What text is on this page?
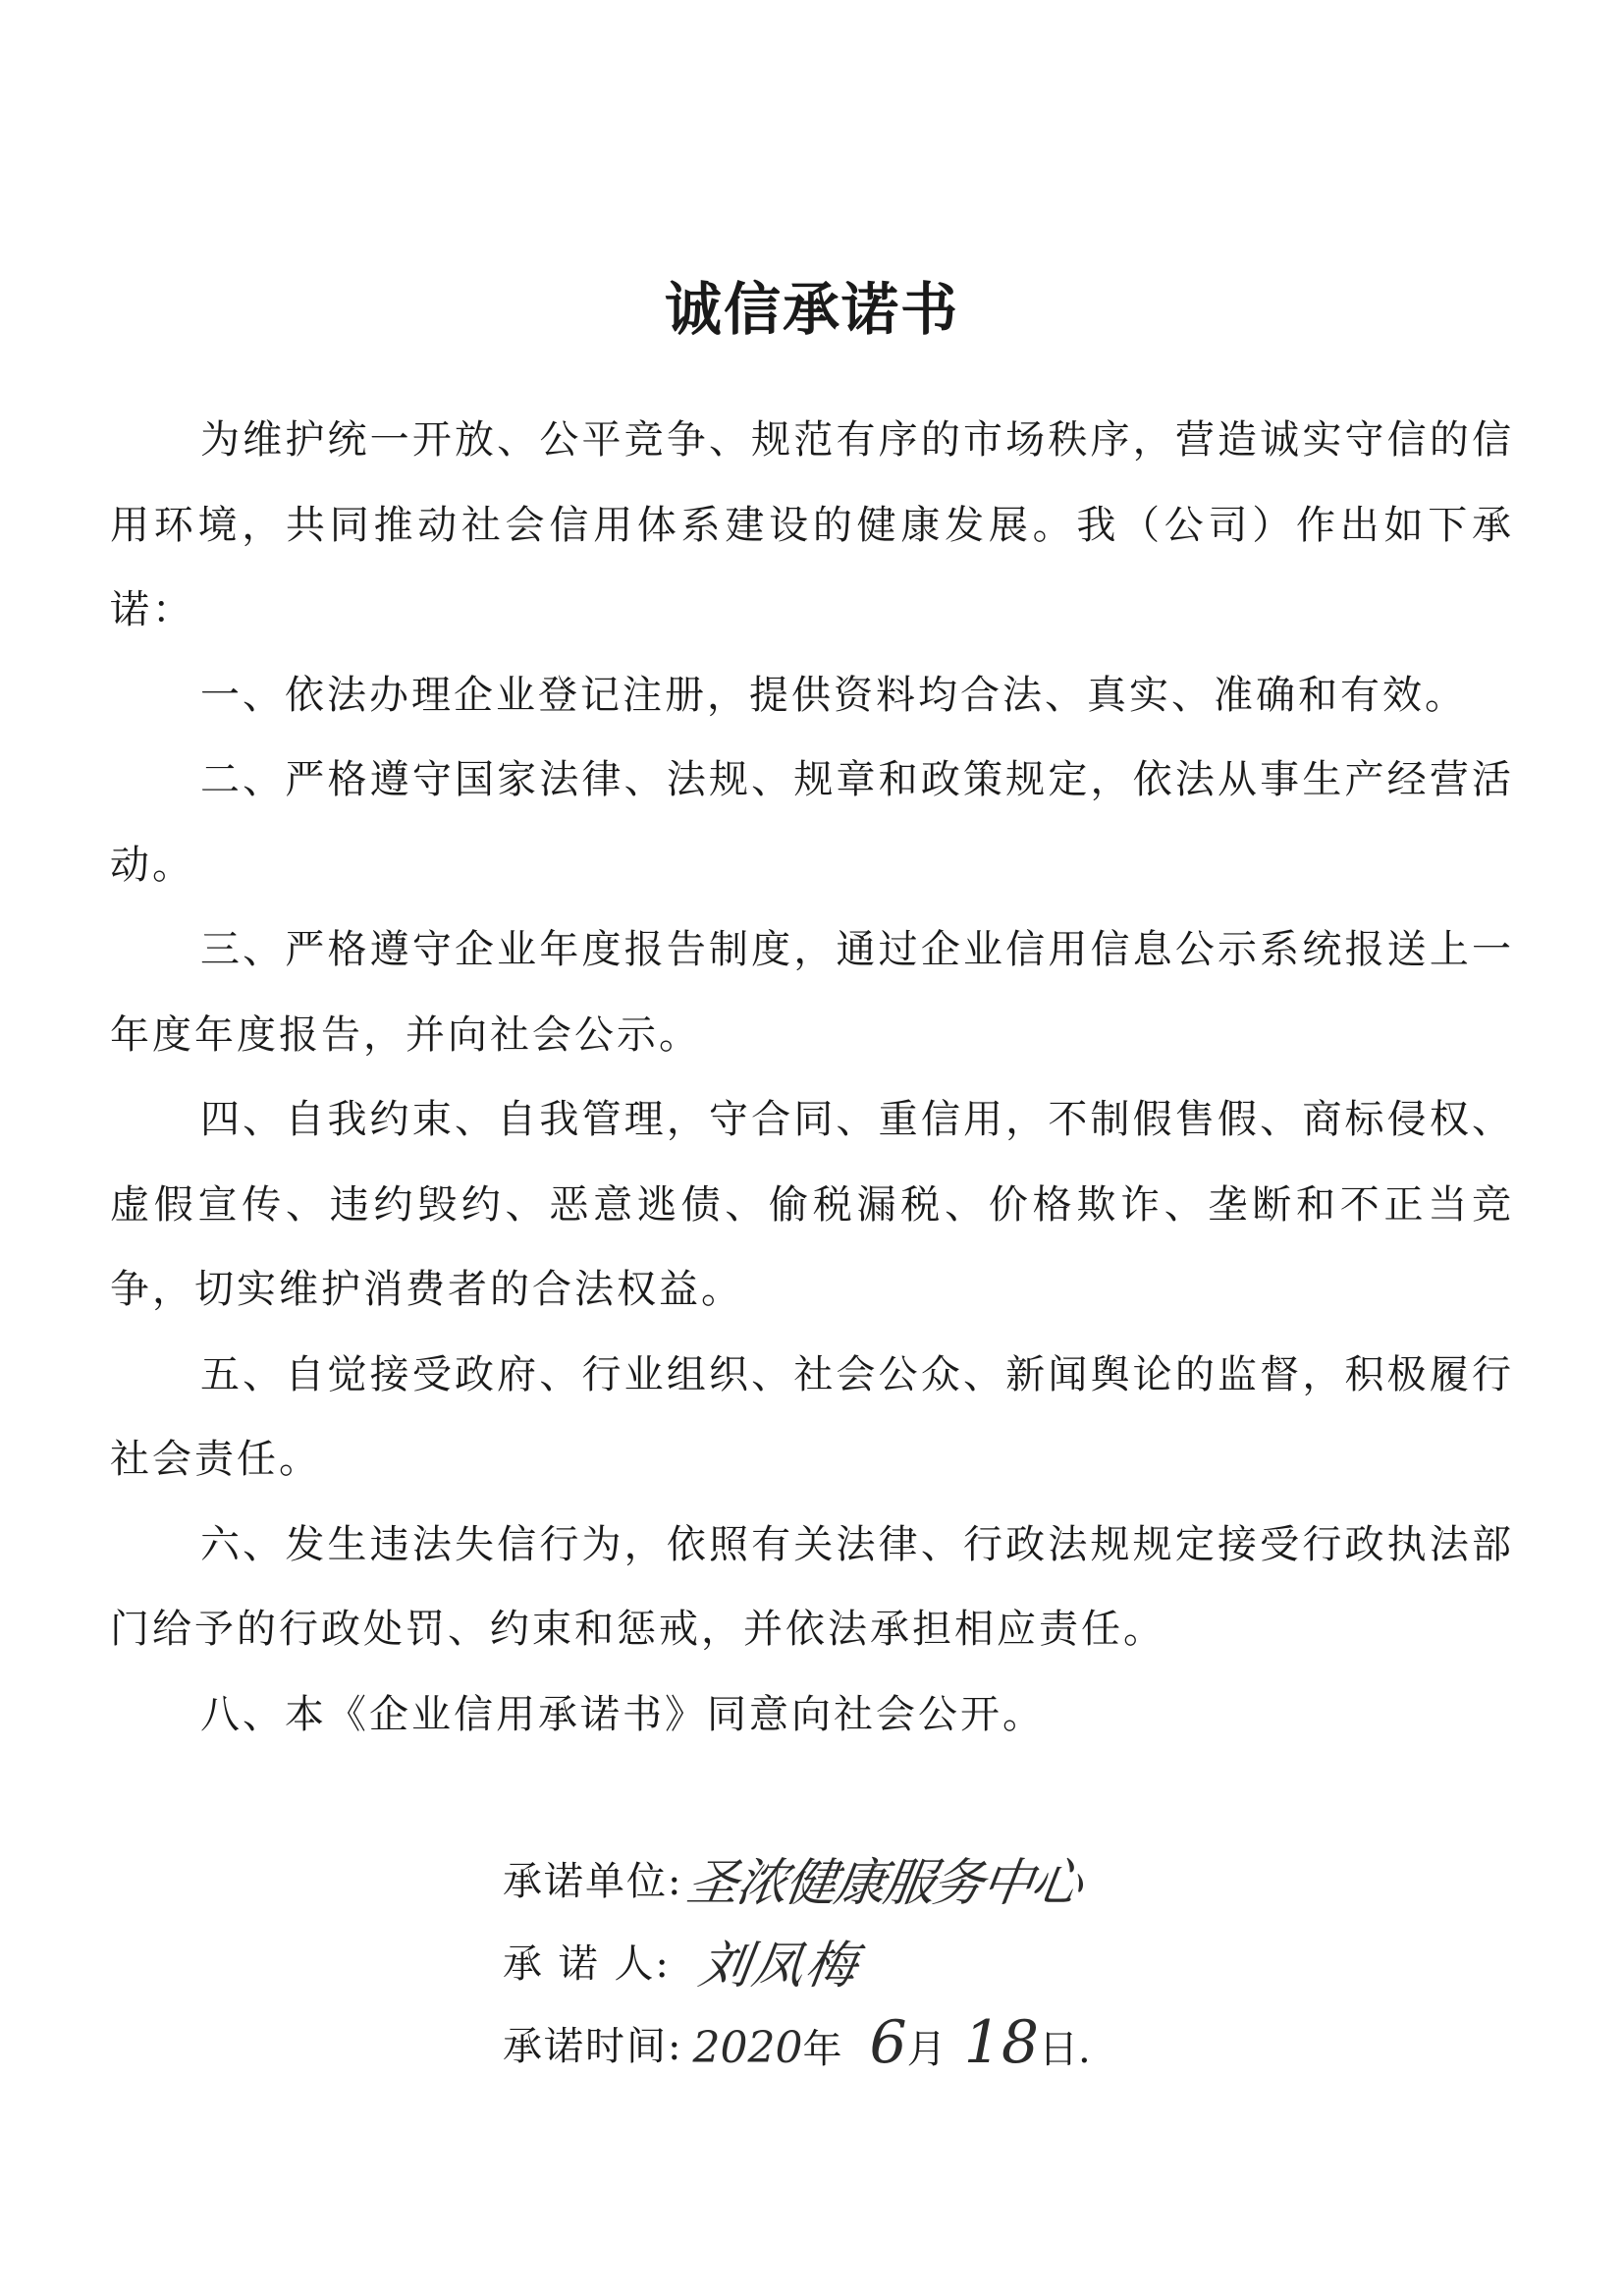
诚信承诺书

为维护统一开放、公平竞争、规范有序的市场秩序，营造诚实守信的信用环境，共同推动社会信用体系建设的健康发展。我（公司）作出如下承诺：

一、依法办理企业登记注册，提供资料均合法、真实、准确和有效。

二、严格遵守国家法律、法规、规章和政策规定，依法从事生产经营活动。

三、严格遵守企业年度报告制度，通过企业信用信息公示系统报送上一年度年度报告，并向社会公示。

四、自我约束、自我管理，守合同、重信用，不制假售假、商标侵权、虚假宣传、违约毁约、恶意逃债、偷税漏税、价格欺诈、垄断和不正当竞争，切实维护消费者的合法权益。

五、自觉接受政府、行业组织、社会公众、新闻舆论的监督，积极履行社会责任。

六、发生违法失信行为，依照有关法律、行政法规规定接受行政执法部门给予的行政处罚、约束和惩戒，并依法承担相应责任。

八、本《企业信用承诺书》同意向社会公开。

承诺单位: 圣浓健康服务中心
承 诺 人: 刘凤梅
承诺时间: 2020 年 6 月 18 日.
